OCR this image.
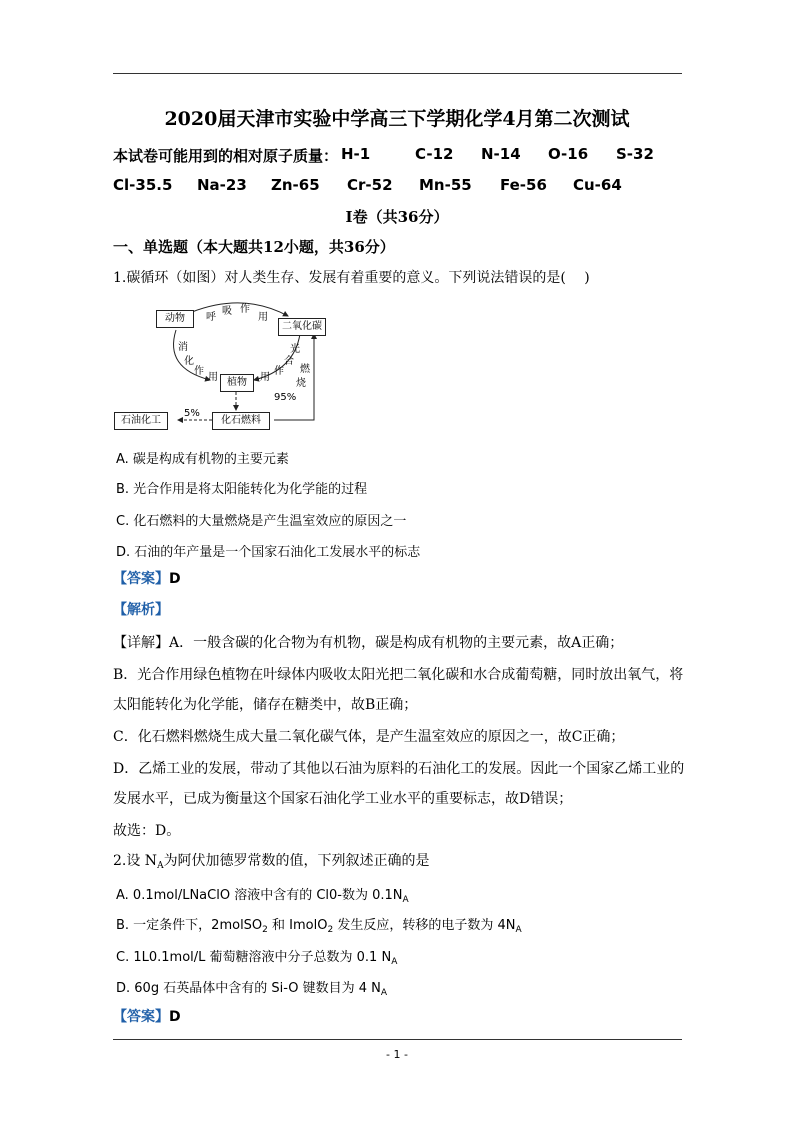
2020届天津市实验中学高三下学期化学4月第二次测试
本试卷可能用到的相对原子质量： H-1	C-12 N-14 O-16 S-32
Cl-35.5 Na-23 Zn-65 Cr-52 Mn-55 Fe-56 Cu-64
I卷（共36分）
一、单选题（本大题共12小题，共36分）
1.碳循环（如图）对人类生存、发展有着重要的意义。下列说法错误的是(　 )
动物
二氧化碳
植物
化石燃料
石油化工
呼
吸 作
用
消
化
作
用
光
合
作
用
燃
烧
95%
5%
A. 碳是构成有机物的主要元素
B. 光合作用是将太阳能转化为化学能的过程
C. 化石燃料的大量燃烧是产生温室效应的原因之一
D. 石油的年产量是一个国家石油化工发展水平的标志
【答案】D
【解析】
【详解】A．一般含碳的化合物为有机物，碳是构成有机物的主要元素，故A正确；
B．光合作用绿色植物在叶绿体内吸收太阳光把二氧化碳和水合成葡萄糖，同时放出氧气，将
太阳能转化为化学能，储存在糖类中，故B正确；
C．化石燃料燃烧生成大量二氧化碳气体，是产生温室效应的原因之一，故C正确；
D．乙烯工业的发展，带动了其他以石油为原料的石油化工的发展。因此一个国家乙烯工业的
发展水平，已成为衡量这个国家石油化学工业水平的重要标志，故D错误；
故选：D。
2.设 $N_A$为阿伏加德罗常数的值，下列叙述正确的是
A. 0.1mol/LNaClO 溶液中含有的 Cl0-数为 $0.1N_A$
B. 一定条件下，2molSO$_2$ 和 ImolO$_2$ 发生反应，转移的电子数为 $4N_A$
C. 1L0.1mol/L 葡萄糖溶液中分子总数为 0.1 $N_A$
D. 60g 石英晶体中含有的 Si-O 键数目为 4 $N_A$
【答案】D
- 1 -
